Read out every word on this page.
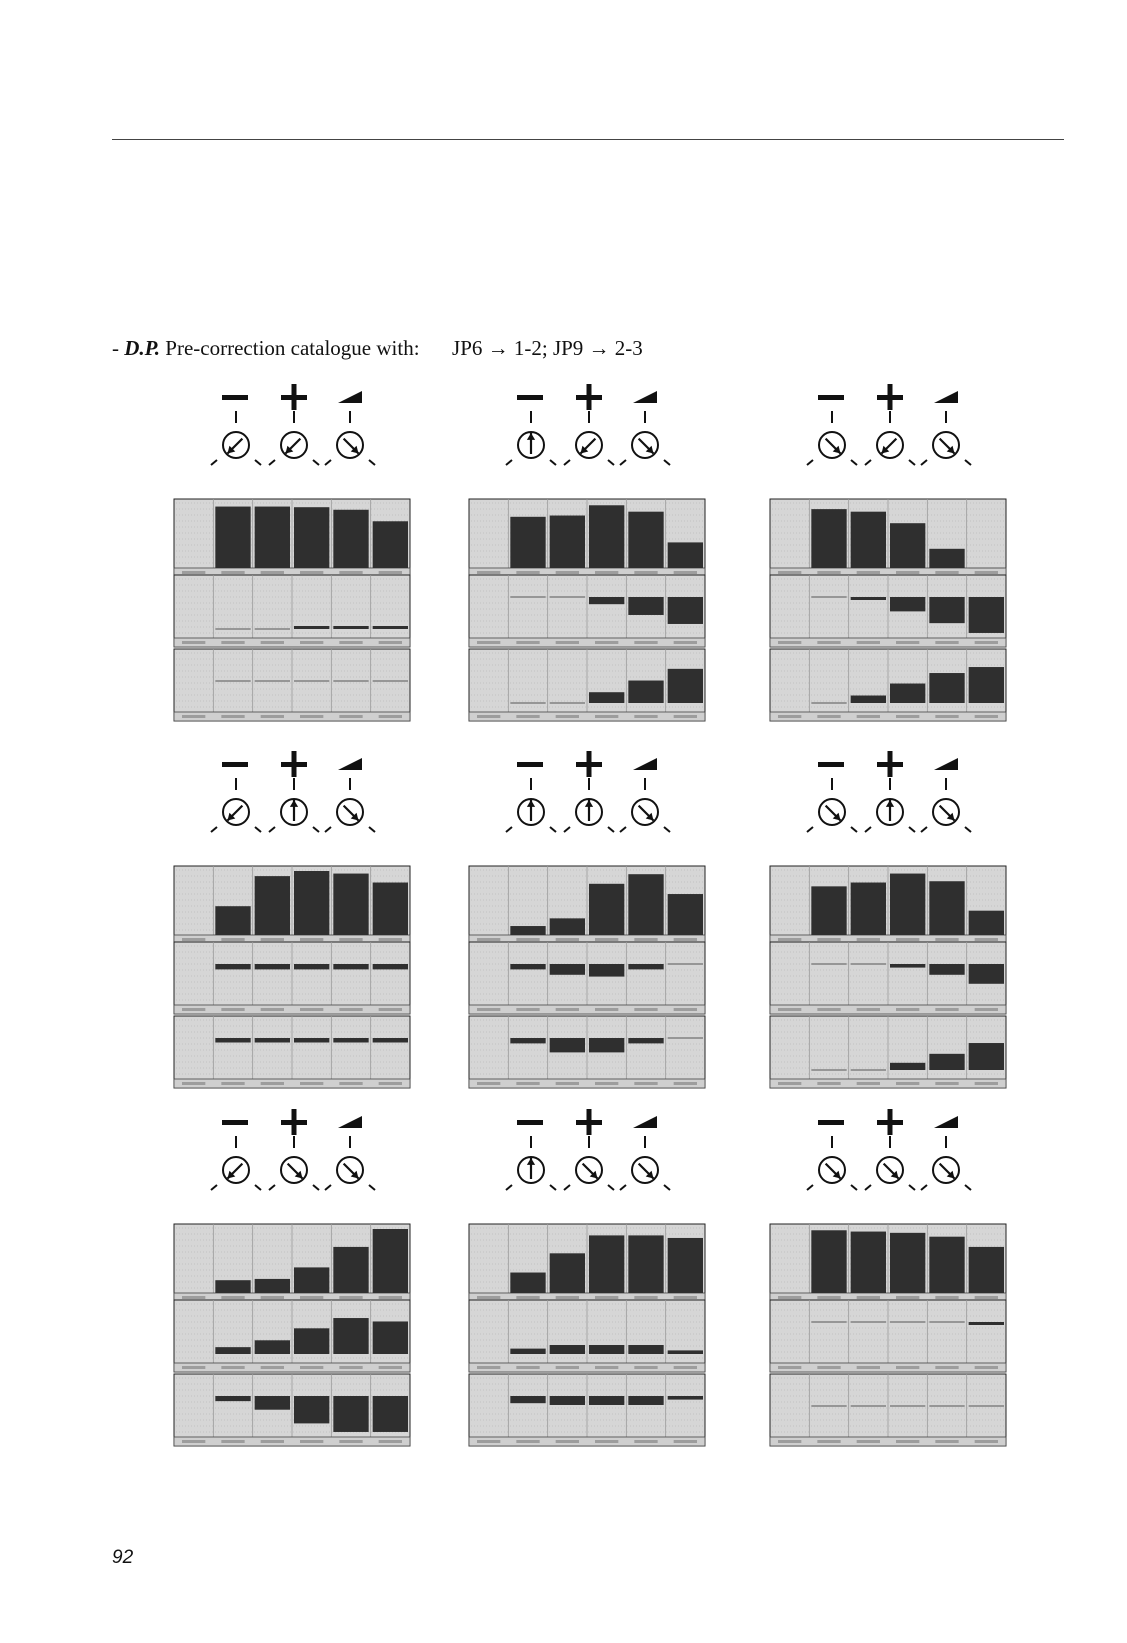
- D.P. Pre-correction catalogue with: JP6 → 1-2; JP9 → 2-3
92
